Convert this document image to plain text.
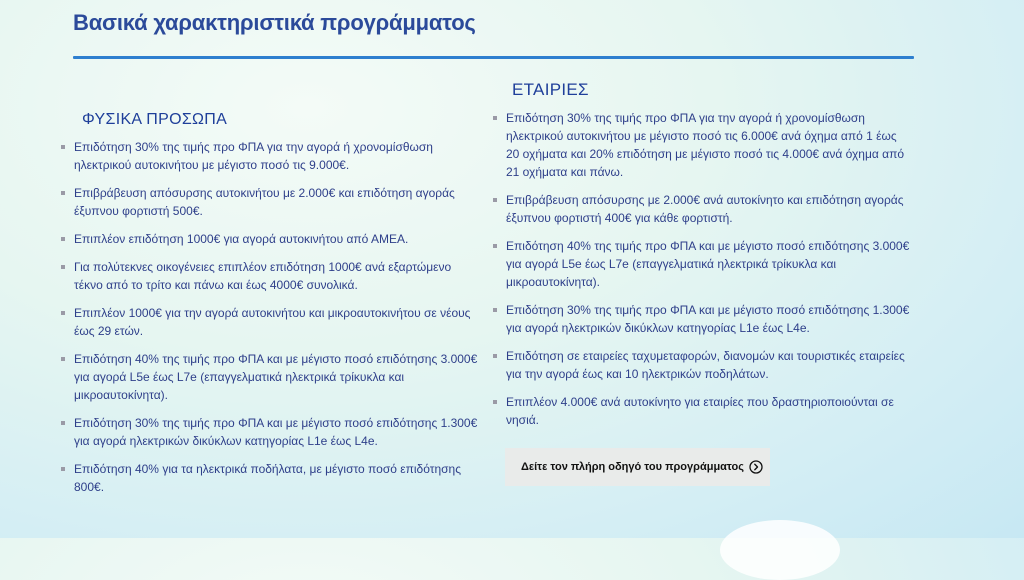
Βασικά χαρακτηριστικά προγράμματος
ΦΥΣΙΚΑ ΠΡΟΣΩΠΑ
Επιδότηση 30% της τιμής προ ΦΠΑ για την αγορά ή χρονομίσθωση ηλεκτρικού αυτοκινήτου με μέγιστο ποσό τις 9.000€.
Επιβράβευση απόσυρσης αυτοκινήτου με 2.000€ και επιδότηση αγοράς έξυπνου φορτιστή 500€.
Επιπλέον επιδότηση 1000€ για αγορά αυτοκινήτου από ΑΜΕΑ.
Για πολύτεκνες οικογένειες επιπλέον επιδότηση 1000€ ανά εξαρτώμενο τέκνο από το τρίτο και πάνω και έως 4000€ συνολικά.
Επιπλέον 1000€ για την αγορά αυτοκινήτου και μικροαυτοκινήτου σε νέους έως 29 ετών.
Επιδότηση 40% της τιμής προ ΦΠΑ και με μέγιστο ποσό επιδότησης 3.000€ για αγορά L5e έως L7e (επαγγελματικά ηλεκτρικά τρίκυκλα και μικροαυτοκίνητα).
Επιδότηση 30% της τιμής προ ΦΠΑ και με μέγιστο ποσό επιδότησης 1.300€ για αγορά ηλεκτρικών δικύκλων κατηγορίας L1e έως L4e.
Επιδότηση 40% για τα ηλεκτρικά ποδήλατα, με μέγιστο ποσό επιδότησης 800€.
ΕΤΑΙΡΙΕΣ
Επιδότηση 30% της τιμής προ ΦΠΑ για την αγορά ή χρονομίσθωση ηλεκτρικού αυτοκινήτου με μέγιστο ποσό τις 6.000€ ανά όχημα από 1 έως 20 οχήματα και 20% επιδότηση με μέγιστο ποσό τις 4.000€ ανά όχημα από 21 οχήματα και πάνω.
Επιβράβευση απόσυρσης με 2.000€ ανά αυτοκίνητο και επιδότηση αγοράς έξυπνου φορτιστή 400€ για κάθε φορτιστή.
Επιδότηση 40% της τιμής προ ΦΠΑ και με μέγιστο ποσό επιδότησης 3.000€ για αγορά L5e έως L7e (επαγγελματικά ηλεκτρικά τρίκυκλα και μικροαυτοκίνητα).
Επιδότηση 30% της τιμής προ ΦΠΑ και με μέγιστο ποσό επιδότησης 1.300€ για αγορά ηλεκτρικών δικύκλων κατηγορίας L1e έως L4e.
Επιδότηση σε εταιρείες ταχυμεταφορών, διανομών και τουριστικές εταιρείες για την αγορά έως και 10 ηλεκτρικών ποδηλάτων.
Επιπλέον 4.000€ ανά αυτοκίνητο για εταιρίες που δραστηριοποιούνται σε νησιά.
Δείτε τον πλήρη οδηγό του προγράμματος
